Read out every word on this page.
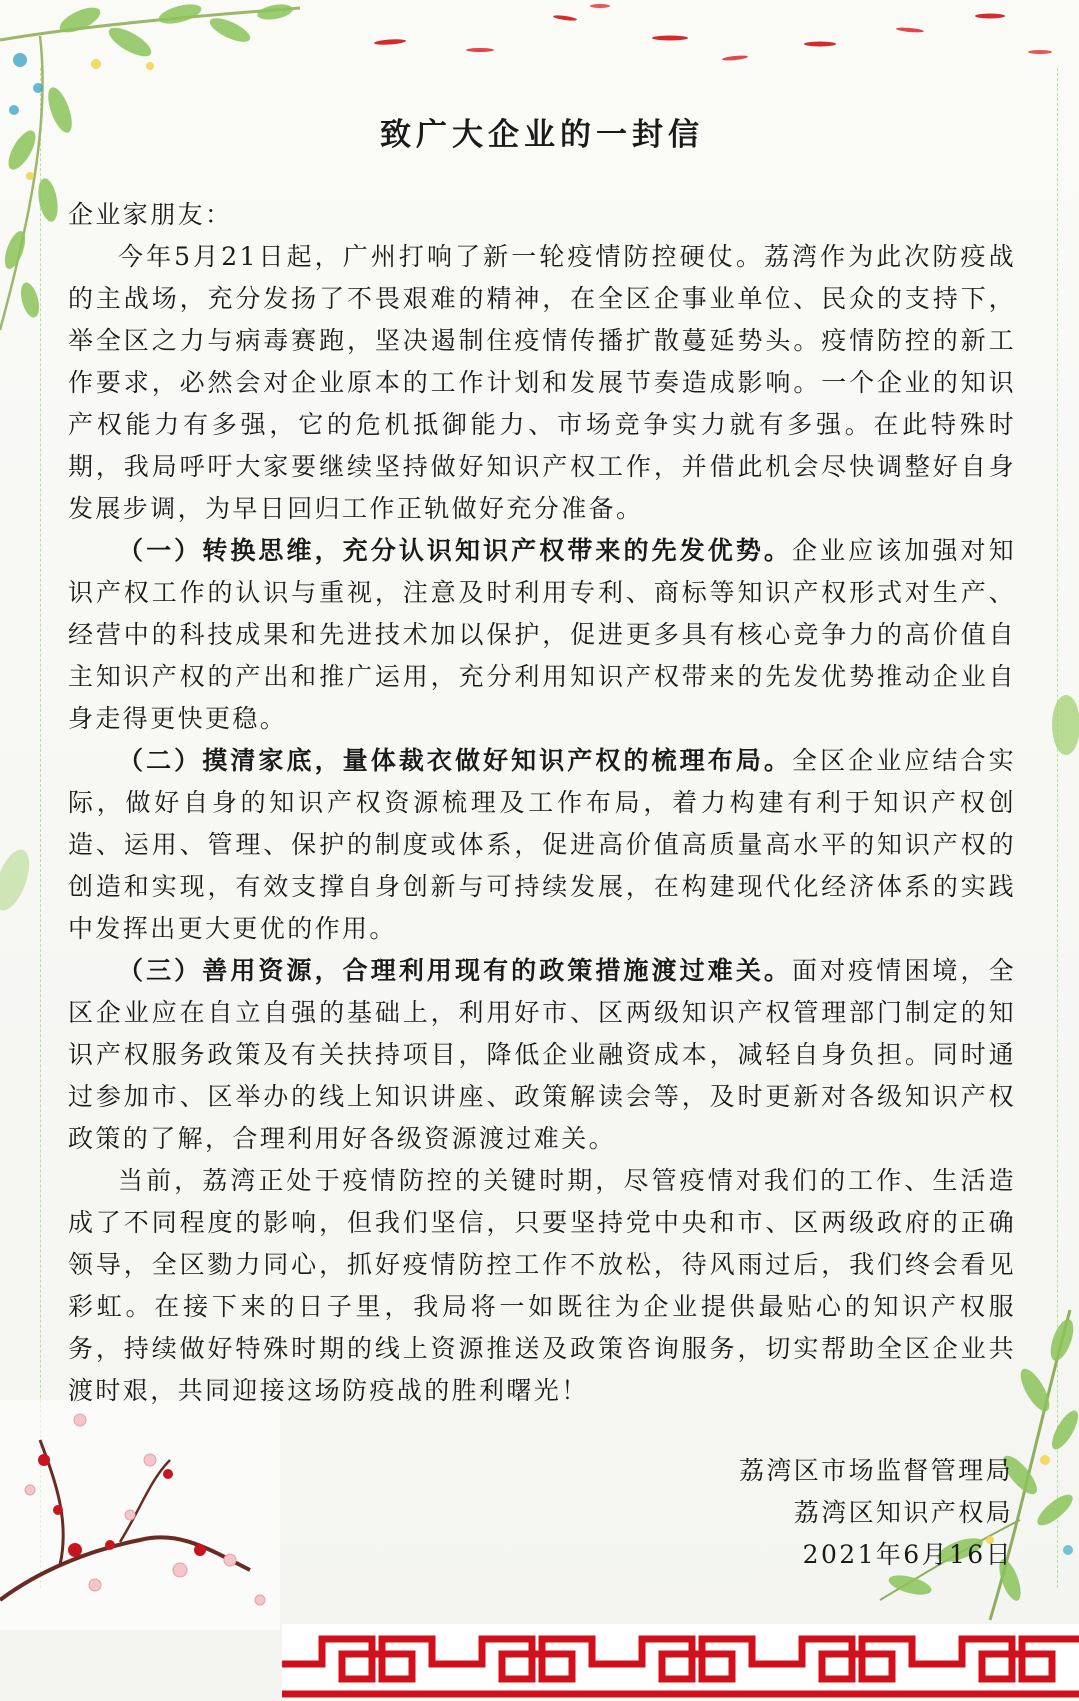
致广大企业的一封信

企业家朋友：

今年5月21日起，广州打响了新一轮疫情防控硬仗。荔湾作为此次防疫战的主战场，充分发扬了不畏艰难的精神，在全区企事业单位、民众的支持下，举全区之力与病毒赛跑，坚决遏制住疫情传播扩散蔓延势头。疫情防控的新工作要求，必然会对企业原本的工作计划和发展节奏造成影响。一个企业的知识产权能力有多强，它的危机抵御能力、市场竞争实力就有多强。在此特殊时期，我局呼吁大家要继续坚持做好知识产权工作，并借此机会尽快调整好自身发展步调，为早日回归工作正轨做好充分准备。

（一）转换思维，充分认识知识产权带来的先发优势。企业应该加强对知识产权工作的认识与重视，注意及时利用专利、商标等知识产权形式对生产、经营中的科技成果和先进技术加以保护，促进更多具有核心竞争力的高价值自主知识产权的产出和推广运用，充分利用知识产权带来的先发优势推动企业自身走得更快更稳。

（二）摸清家底，量体裁衣做好知识产权的梳理布局。全区企业应结合实际，做好自身的知识产权资源梳理及工作布局，着力构建有利于知识产权创造、运用、管理、保护的制度或体系，促进高价值高质量高水平的知识产权的创造和实现，有效支撑自身创新与可持续发展，在构建现代化经济体系的实践中发挥出更大更优的作用。

（三）善用资源，合理利用现有的政策措施渡过难关。面对疫情困境，全区企业应在自立自强的基础上，利用好市、区两级知识产权管理部门制定的知识产权服务政策及有关扶持项目，降低企业融资成本，减轻自身负担。同时通过参加市、区举办的线上知识讲座、政策解读会等，及时更新对各级知识产权政策的了解，合理利用好各级资源渡过难关。

当前，荔湾正处于疫情防控的关键时期，尽管疫情对我们的工作、生活造成了不同程度的影响，但我们坚信，只要坚持党中央和市、区两级政府的正确领导，全区勠力同心，抓好疫情防控工作不放松，待风雨过后，我们终会看见彩虹。在接下来的日子里，我局将一如既往为企业提供最贴心的知识产权服务，持续做好特殊时期的线上资源推送及政策咨询服务，切实帮助全区企业共渡时艰，共同迎接这场防疫战的胜利曙光！

荔湾区市场监督管理局
荔湾区知识产权局
2021年6月16日
